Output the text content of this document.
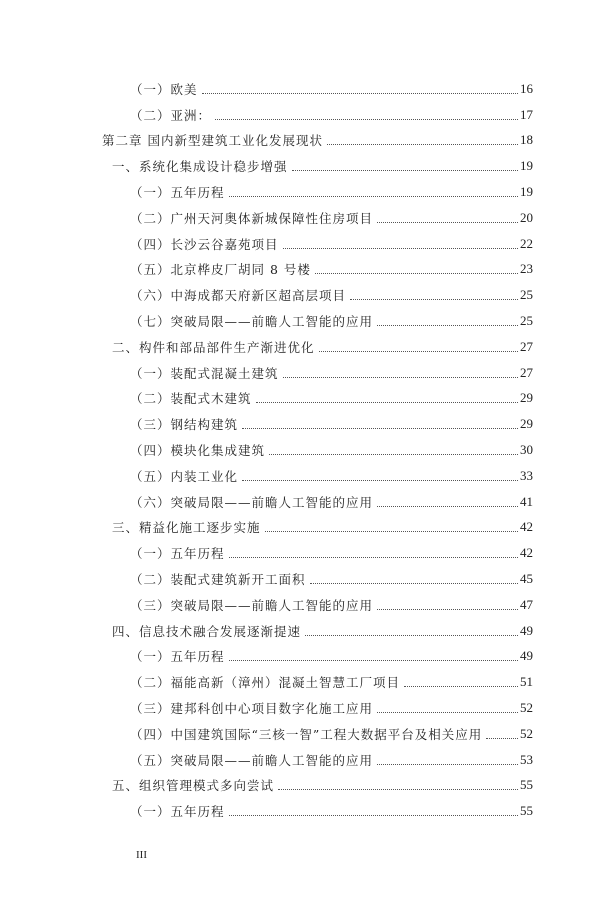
（一）欧美	16
（二）亚洲：	17
第二章 国内新型建筑工业化发展现状	18
一、系统化集成设计稳步增强	19
（一）五年历程	19
（二）广州天河奥体新城保障性住房项目	20
（四）长沙云谷嘉苑项目	22
（五）北京桦皮厂胡同 8 号楼	23
（六）中海成都天府新区超高层项目	25
（七）突破局限——前瞻人工智能的应用	25
二、构件和部品部件生产渐进优化	27
（一）装配式混凝土建筑	27
（二）装配式木建筑	29
（三）钢结构建筑	29
（四）模块化集成建筑	30
（五）内装工业化	33
（六）突破局限——前瞻人工智能的应用	41
三、精益化施工逐步实施	42
（一）五年历程	42
（二）装配式建筑新开工面积	45
（三）突破局限——前瞻人工智能的应用	47
四、信息技术融合发展逐渐提速	49
（一）五年历程	49
（二）福能高新（漳州）混凝土智慧工厂项目	51
（三）建邦科创中心项目数字化施工应用	52
（四）中国建筑国际“三核一智”工程大数据平台及相关应用	52
（五）突破局限——前瞻人工智能的应用	53
五、组织管理模式多向尝试	55
（一）五年历程	55
III
